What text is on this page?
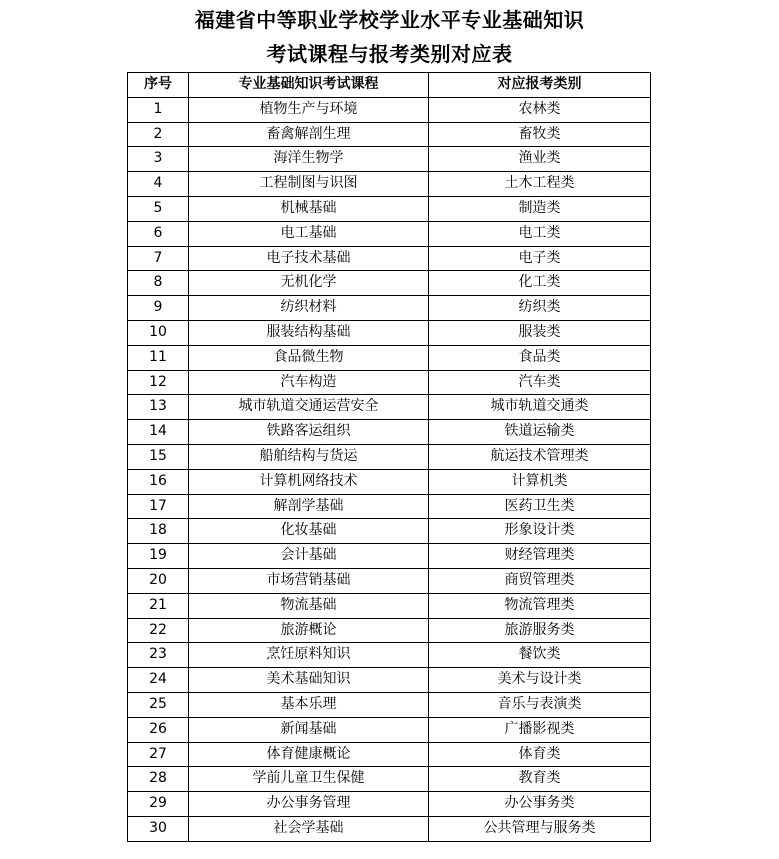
福建省中等职业学校学业水平专业基础知识
考试课程与报考类别对应表
序号	专业基础知识考试课程	对应报考类别
1	植物生产与环境	农林类
2	畜禽解剖生理	畜牧类
3	海洋生物学	渔业类
4	工程制图与识图	土木工程类
5	机械基础	制造类
6	电工基础	电工类
7	电子技术基础	电子类
8	无机化学	化工类
9	纺织材料	纺织类
10	服装结构基础	服装类
11	食品微生物	食品类
12	汽车构造	汽车类
13	城市轨道交通运营安全	城市轨道交通类
14	铁路客运组织	铁道运输类
15	船舶结构与货运	航运技术管理类
16	计算机网络技术	计算机类
17	解剖学基础	医药卫生类
18	化妆基础	形象设计类
19	会计基础	财经管理类
20	市场营销基础	商贸管理类
21	物流基础	物流管理类
22	旅游概论	旅游服务类
23	烹饪原料知识	餐饮类
24	美术基础知识	美术与设计类
25	基本乐理	音乐与表演类
26	新闻基础	广播影视类
27	体育健康概论	体育类
28	学前儿童卫生保健	教育类
29	办公事务管理	办公事务类
30	社会学基础	公共管理与服务类
